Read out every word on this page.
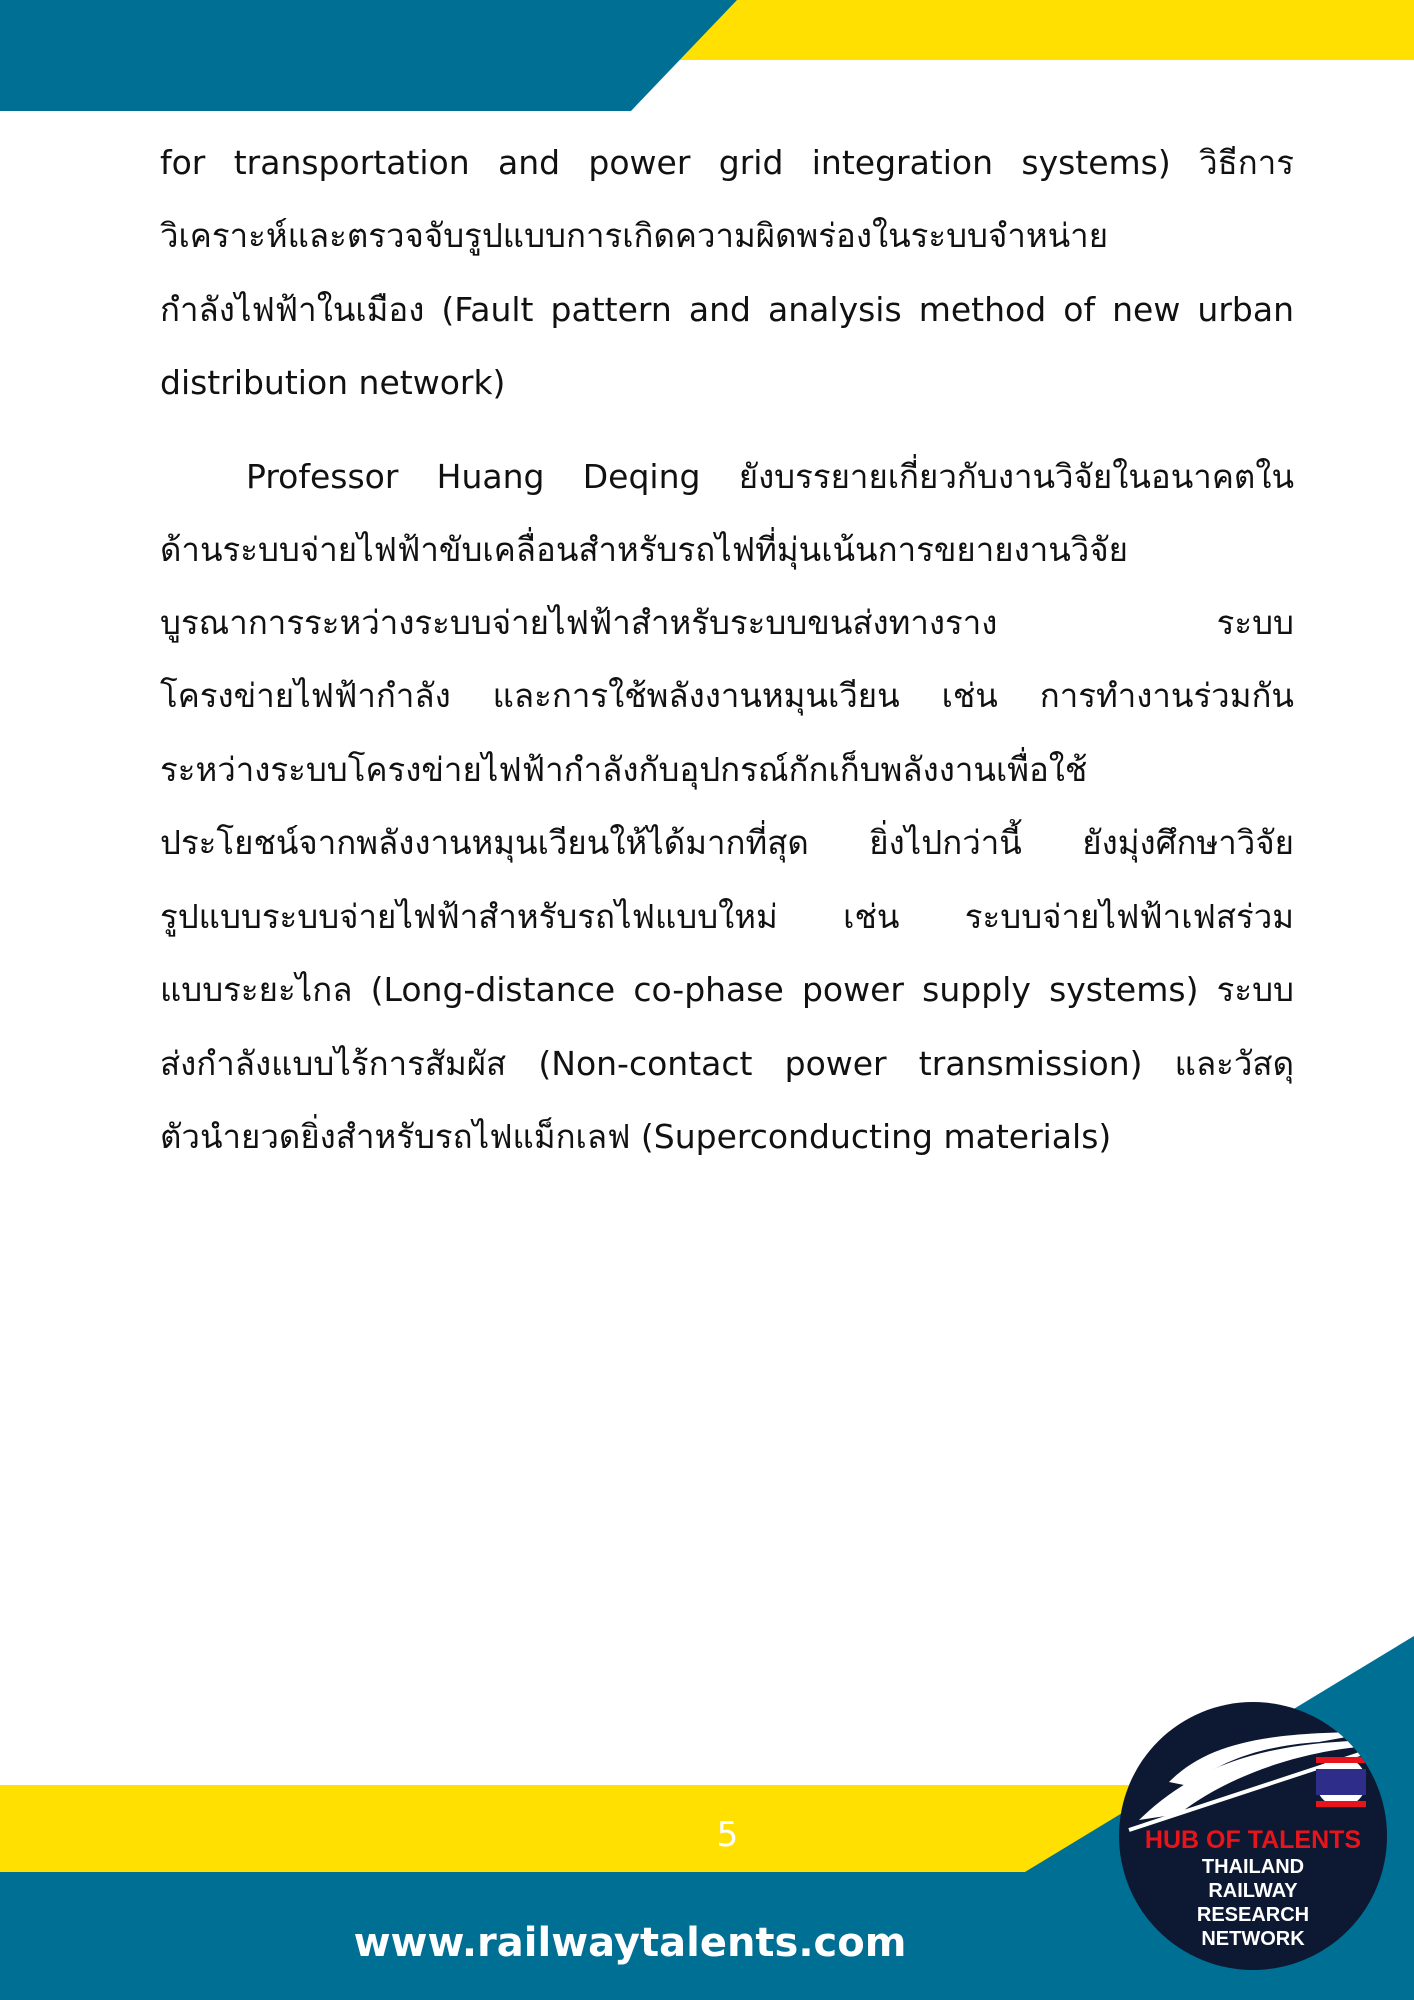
for transportation and power grid integration systems) วิธีการ
วิเคราะห์และตรวจจับรูปแบบการเกิดความผิดพร่องในระบบจำหน่าย
กำลังไฟฟ้าในเมือง (Fault pattern and analysis method of new urban
distribution network)
Professor Huang Deqing ยังบรรยายเกี่ยวกับงานวิจัยในอนาคตใน
ด้านระบบจ่ายไฟฟ้าขับเคลื่อนสำหรับรถไฟที่มุ่นเน้นการขยายงานวิจัย
บูรณาการระหว่างระบบจ่ายไฟฟ้าสำหรับระบบขนส่งทางราง ระบบ
โครงข่ายไฟฟ้ากำลัง และการใช้พลังงานหมุนเวียน เช่น การทำงานร่วมกัน
ระหว่างระบบโครงข่ายไฟฟ้ากำลังกับอุปกรณ์กักเก็บพลังงานเพื่อใช้
ประโยชน์จากพลังงานหมุนเวียนให้ได้มากที่สุด ยิ่งไปกว่านี้ ยังมุ่งศึกษาวิจัย
รูปแบบระบบจ่ายไฟฟ้าสำหรับรถไฟแบบใหม่ เช่น ระบบจ่ายไฟฟ้าเฟสร่วม
แบบระยะไกล (Long-distance co-phase power supply systems) ระบบ
ส่งกำลังแบบไร้การสัมผัส (Non-contact power transmission) และวัสดุ
ตัวนำยวดยิ่งสำหรับรถไฟแม็กเลฟ (Superconducting materials)
5
www.railwaytalents.com
HUB OF TALENTS
THAILAND
RAILWAY
RESEARCH
NETWORK
